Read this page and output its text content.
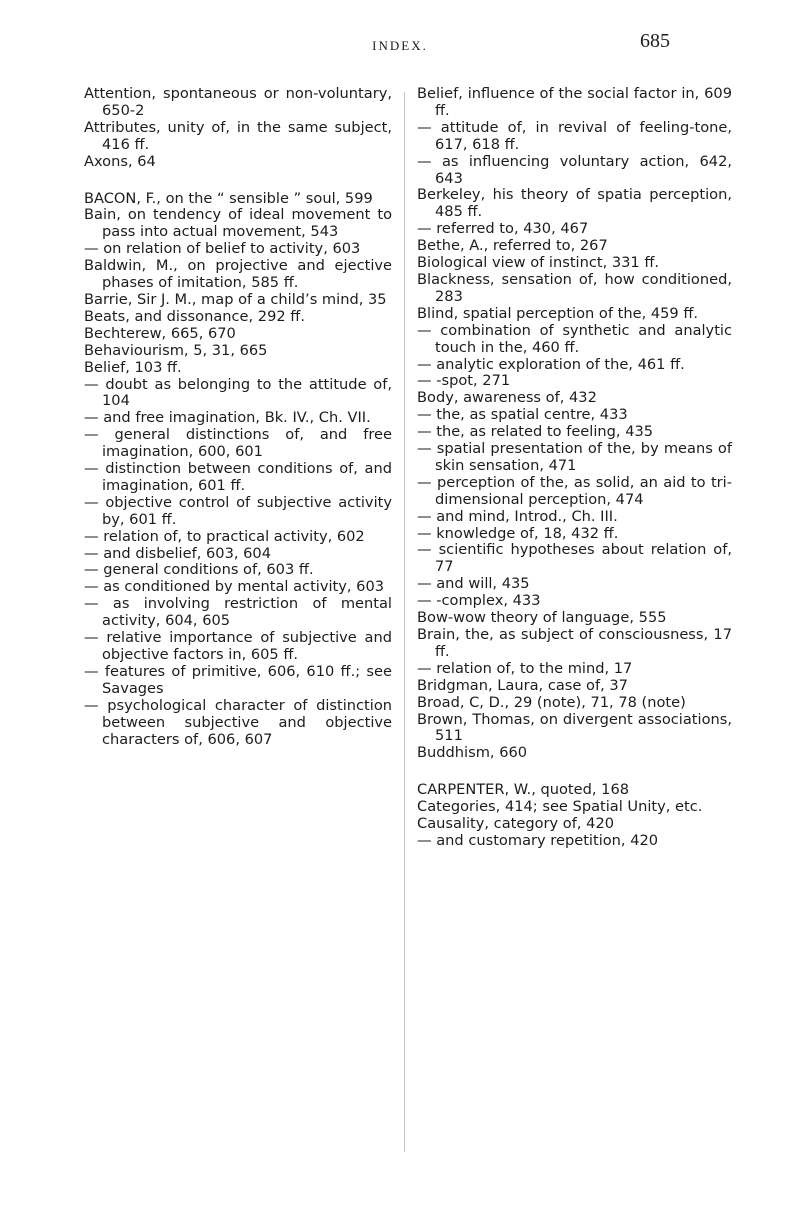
INDEX.	685

Attention, spontaneous or non-voluntary, 650-2

Attributes, unity of, in the same subject, 416 ff.

Axons, 64

BACON, F., on the “ sensible ” soul, 599

Bain, on tendency of ideal movement to pass into actual movement, 543

— on relation of belief to activity, 603

Baldwin, M., on projective and ejective phases of imitation, 585 ff.

Barrie, Sir J. M., map of a child’s mind, 35

Beats, and dissonance, 292 ff.

Bechterew, 665, 670

Behaviourism, 5, 31, 665

Belief, 103 ff.

— doubt as belonging to the attitude of, 104

— and free imagination, Bk. IV., Ch. VII.

— general distinctions of, and free imagination, 600, 601

— distinction between conditions of, and imagination, 601 ff.

— objective control of subjective activity by, 601 ff.

— relation of, to practical activity, 602

— and disbelief, 603, 604

— general conditions of, 603 ff.

— as conditioned by mental activity, 603

— as involving restriction of mental activity, 604, 605

— relative importance of subjective and objective factors in, 605 ff.

— features of primitive, 606, 610 ff.; see Savages

— psychological character of distinction between subjective and objective characters of, 606, 607

Belief, influence of the social factor in, 609 ff.

— attitude of, in revival of feeling-tone, 617, 618 ff.

— as influencing voluntary action, 642, 643

Berkeley, his theory of spatia perception, 485 ff.

— referred to, 430, 467

Bethe, A., referred to, 267

Biological view of instinct, 331 ff.

Blackness, sensation of, how conditioned, 283

Blind, spatial perception of the, 459 ff.

— combination of synthetic and analytic touch in the, 460 ff.

— analytic exploration of the, 461 ff.

— -spot, 271

Body, awareness of, 432

— the, as spatial centre, 433

— the, as related to feeling, 435

— spatial presentation of the, by means of skin sensation, 471

— perception of the, as solid, an aid to tri-dimensional perception, 474

— and mind, Introd., Ch. III.

— knowledge of, 18, 432 ff.

— scientific hypotheses about relation of, 77

— and will, 435

— -complex, 433

Bow-wow theory of language, 555

Brain, the, as subject of consciousness, 17 ff.

— relation of, to the mind, 17

Bridgman, Laura, case of, 37

Broad, C, D., 29 (note), 71, 78 (note)

Brown, Thomas, on divergent associations, 511

Buddhism, 660

CARPENTER, W., quoted, 168

Categories, 414; see Spatial Unity, etc.

Causality, category of, 420

— and customary repetition, 420
